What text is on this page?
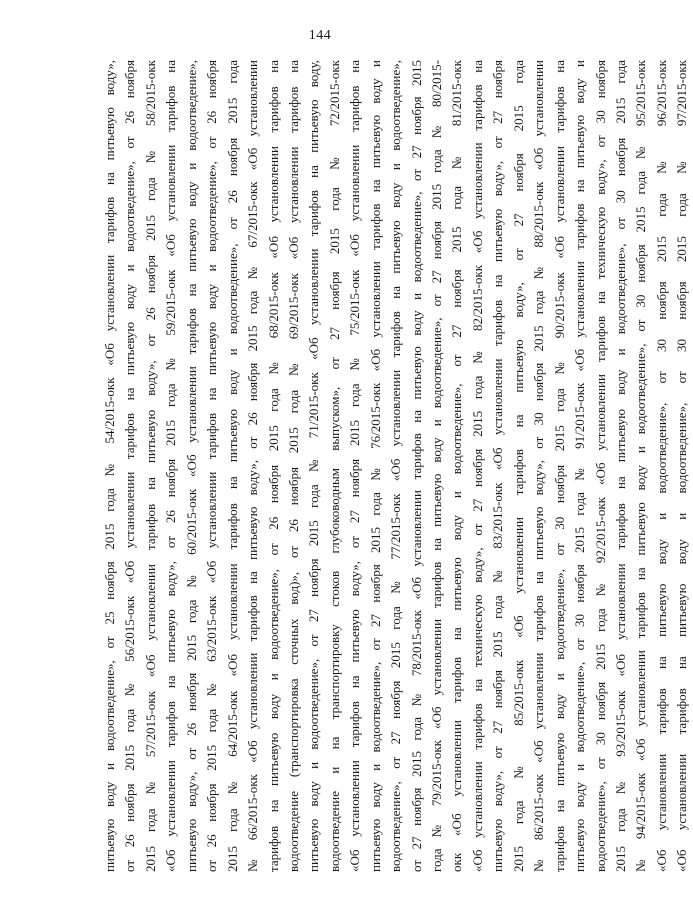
144
питьевую воду и водоотведение», от 25 ноября 2015 года № 54/2015-окк «Об установлении тарифов на питьевую воду», от 26 ноября 2015 года № 56/2015-окк «Об установлении тарифов на питьевую воду и водоотведение», от 26 ноября 2015 года № 57/2015-окк «Об установлении тарифов на питьевую воду», от 26 ноября 2015 года № 58/2015-окк «Об установлении тарифов на питьевую воду», от 26 ноября 2015 года № 59/2015-окк «Об установлении тарифов на питьевую воду», от 26 ноября 2015 года № 60/2015-окк «Об установлении тарифов на питьевую воду и водоотведение», от 26 ноября 2015 года № 63/2015-окк «Об установлении тарифов на питьевую воду и водоотведение», от 26 ноября 2015 года № 64/2015-окк «Об установлении тарифов на питьевую воду и водоотведение», от 26 ноября 2015 года № 66/2015-окк «Об установлении тарифов на питьевую воду», от 26 ноября 2015 года № 67/2015-окк «Об установлении тарифов на питьевую воду и водоотведение», от 26 ноября 2015 года № 68/2015-окк «Об установлении тарифов на водоотведение (транспортировка сточных вод)», от 26 ноября 2015 года № 69/2015-окк «Об установлении тарифов на питьевую воду и водоотведение», от 27 ноября 2015 года № 71/2015-окк «Об установлении тарифов на питьевую воду, водоотведение и на транспортировку стоков глубоководным выпуском», от 27 ноября 2015 года № 72/2015-окк «Об установлении тарифов на питьевую воду», от 27 ноября 2015 года № 75/2015-окк «Об установлении тарифов на питьевую воду и водоотведение», от 27 ноября 2015 года № 76/2015-окк «Об установлении тарифов на питьевую воду и водоотведение», от 27 ноября 2015 года № 77/2015-окк «Об установлении тарифов на питьевую воду и водоотведение», от 27 ноября 2015 года № 78/2015-окк «Об установлении тарифов на питьевую воду и водоотведение», от 27 ноября 2015 года № 79/2015-окк «Об установлении тарифов на питьевую воду и водоотведение», от 27 ноября 2015 года № 80/2015- окк «Об установлении тарифов на питьевую воду и водоотведение», от 27 ноября 2015 года № 81/2015-окк «Об установлении тарифов на техническую воду», от 27 ноября 2015 года № 82/2015-окк «Об установлении тарифов на питьевую воду», от 27 ноября 2015 года № 83/2015-окк «Об установлении тарифов на питьевую воду», от 27 ноября 2015 года № 85/2015-окк «Об установлении тарифов на питьевую воду», от 27 ноября 2015 года № 86/2015-окк «Об установлении тарифов на питьевую воду», от 30 ноября 2015 года № 88/2015-окк «Об установлении тарифов на питьевую воду и водоотведение», от 30 ноября 2015 года № 90/2015-окк «Об установлении тарифов на питьевую воду и водоотведение», от 30 ноября 2015 года № 91/2015-окк «Об установлении тарифов на питьевую воду и водоотведение», от 30 ноября 2015 года № 92/2015-окк «Об установлении тарифов на техническую воду», от 30 ноября 2015 года № 93/2015-окк «Об установлении тарифов на питьевую воду и водоотведение», от 30 ноября 2015 года № 94/2015-окк «Об установлении тарифов на питьевую воду и водоотведение», от 30 ноября 2015 года № 95/2015-окк «Об установлении тарифов на питьевую воду и водоотведение», от 30 ноября 2015 года № 96/2015-окк «Об установлении тарифов на питьевую воду и водоотведение», от 30 ноября 2015 года № 97/2015-окк
